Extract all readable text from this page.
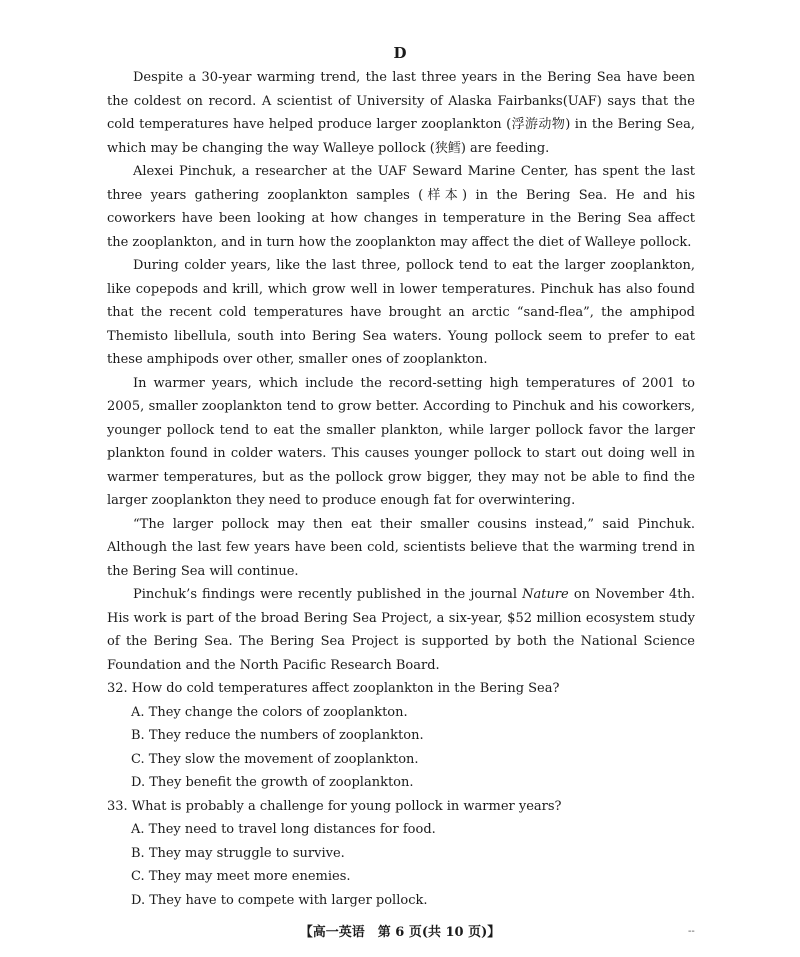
D

Despite a 30-year warming trend, the last three years in the Bering Sea have been the coldest on record. A scientist of University of Alaska Fairbanks(UAF) says that the cold temperatures have helped produce larger zooplankton (浮游动物) in the Bering Sea, which may be changing the way Walleye pollock (狭鳕) are feeding.

Alexei Pinchuk, a researcher at the UAF Seward Marine Center, has spent the last three years gathering zooplankton samples (样本) in the Bering Sea. He and his coworkers have been looking at how changes in temperature in the Bering Sea affect the zooplankton, and in turn how the zooplankton may affect the diet of Walleye pollock.

During colder years, like the last three, pollock tend to eat the larger zooplankton, like copepods and krill, which grow well in lower temperatures. Pinchuk has also found that the recent cold temperatures have brought an arctic “sand-flea”, the amphipod Themisto libellula, south into Bering Sea waters. Young pollock seem to prefer to eat these amphipods over other, smaller ones of zooplankton.

In warmer years, which include the record-setting high temperatures of 2001 to 2005, smaller zooplankton tend to grow better. According to Pinchuk and his coworkers, younger pollock tend to eat the smaller plankton, while larger pollock favor the larger plankton found in colder waters. This causes younger pollock to start out doing well in warmer temperatures, but as the pollock grow bigger, they may not be able to find the larger zooplankton they need to produce enough fat for overwintering.

“The larger pollock may then eat their smaller cousins instead,” said Pinchuk. Although the last few years have been cold, scientists believe that the warming trend in the Bering Sea will continue.

Pinchuk’s findings were recently published in the journal Nature on November 4th. His work is part of the broad Bering Sea Project, a six-year, $52 million ecosystem study of the Bering Sea. The Bering Sea Project is supported by both the National Science Foundation and the North Pacific Research Board.

32. How do cold temperatures affect zooplankton in the Bering Sea?
A. They change the colors of zooplankton.
B. They reduce the numbers of zooplankton.
C. They slow the movement of zooplankton.
D. They benefit the growth of zooplankton.
33. What is probably a challenge for young pollock in warmer years?
A. They need to travel long distances for food.
B. They may struggle to survive.
C. They may meet more enemies.
D. They have to compete with larger pollock.
【高一英语　第 6 页(共 10 页)】	--
